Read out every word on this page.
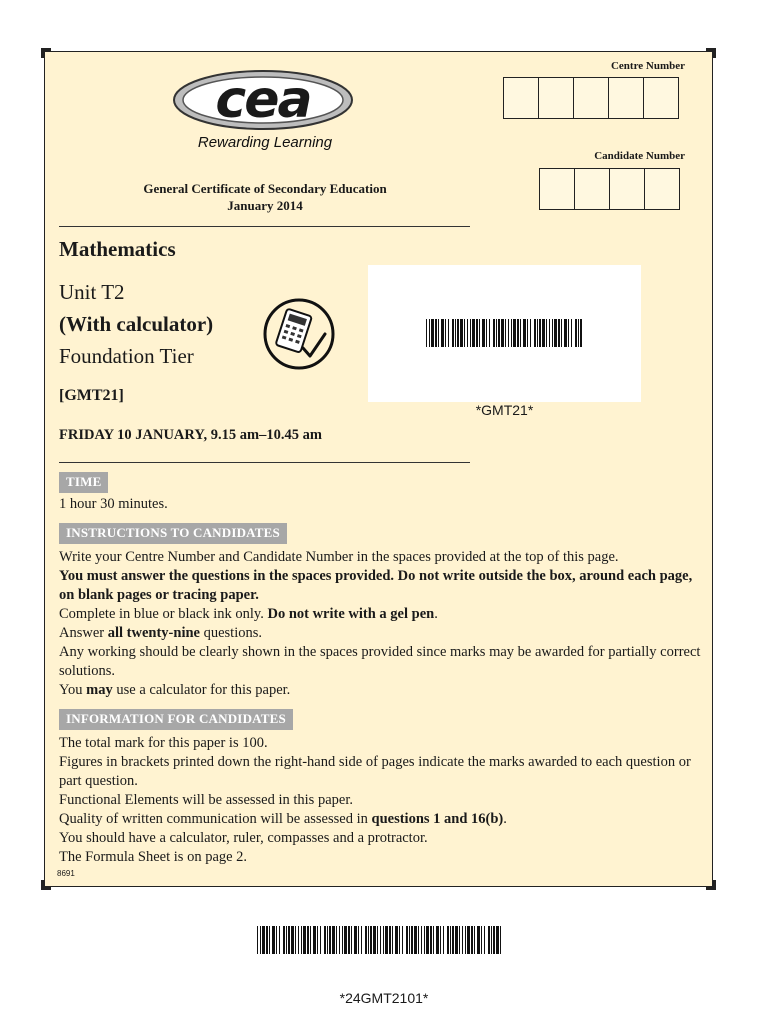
cea
Rewarding Learning
General Certificate of Secondary Education
January 2014
Centre Number
Candidate Number
Mathematics
Unit T2
(With calculator)
Foundation Tier
[GMT21]
FRIDAY 10 JANUARY, 9.15 am–10.45 am
*GMT21*
TIME
1 hour 30 minutes.
INSTRUCTIONS TO CANDIDATES
Write your Centre Number and Candidate Number in the spaces provided at the top of this page.
You must answer the questions in the spaces provided. Do not write outside the box, around each page, on blank pages or tracing paper.
Complete in blue or black ink only. Do not write with a gel pen.
Answer all twenty-nine questions.
Any working should be clearly shown in the spaces provided since marks may be awarded for partially correct solutions.
You may use a calculator for this paper.
INFORMATION FOR CANDIDATES
The total mark for this paper is 100.
Figures in brackets printed down the right-hand side of pages indicate the marks awarded to each question or part question.
Functional Elements will be assessed in this paper.
Quality of written communication will be assessed in questions 1 and 16(b).
You should have a calculator, ruler, compasses and a protractor.
The Formula Sheet is on page 2.
8691
*24GMT2101*
